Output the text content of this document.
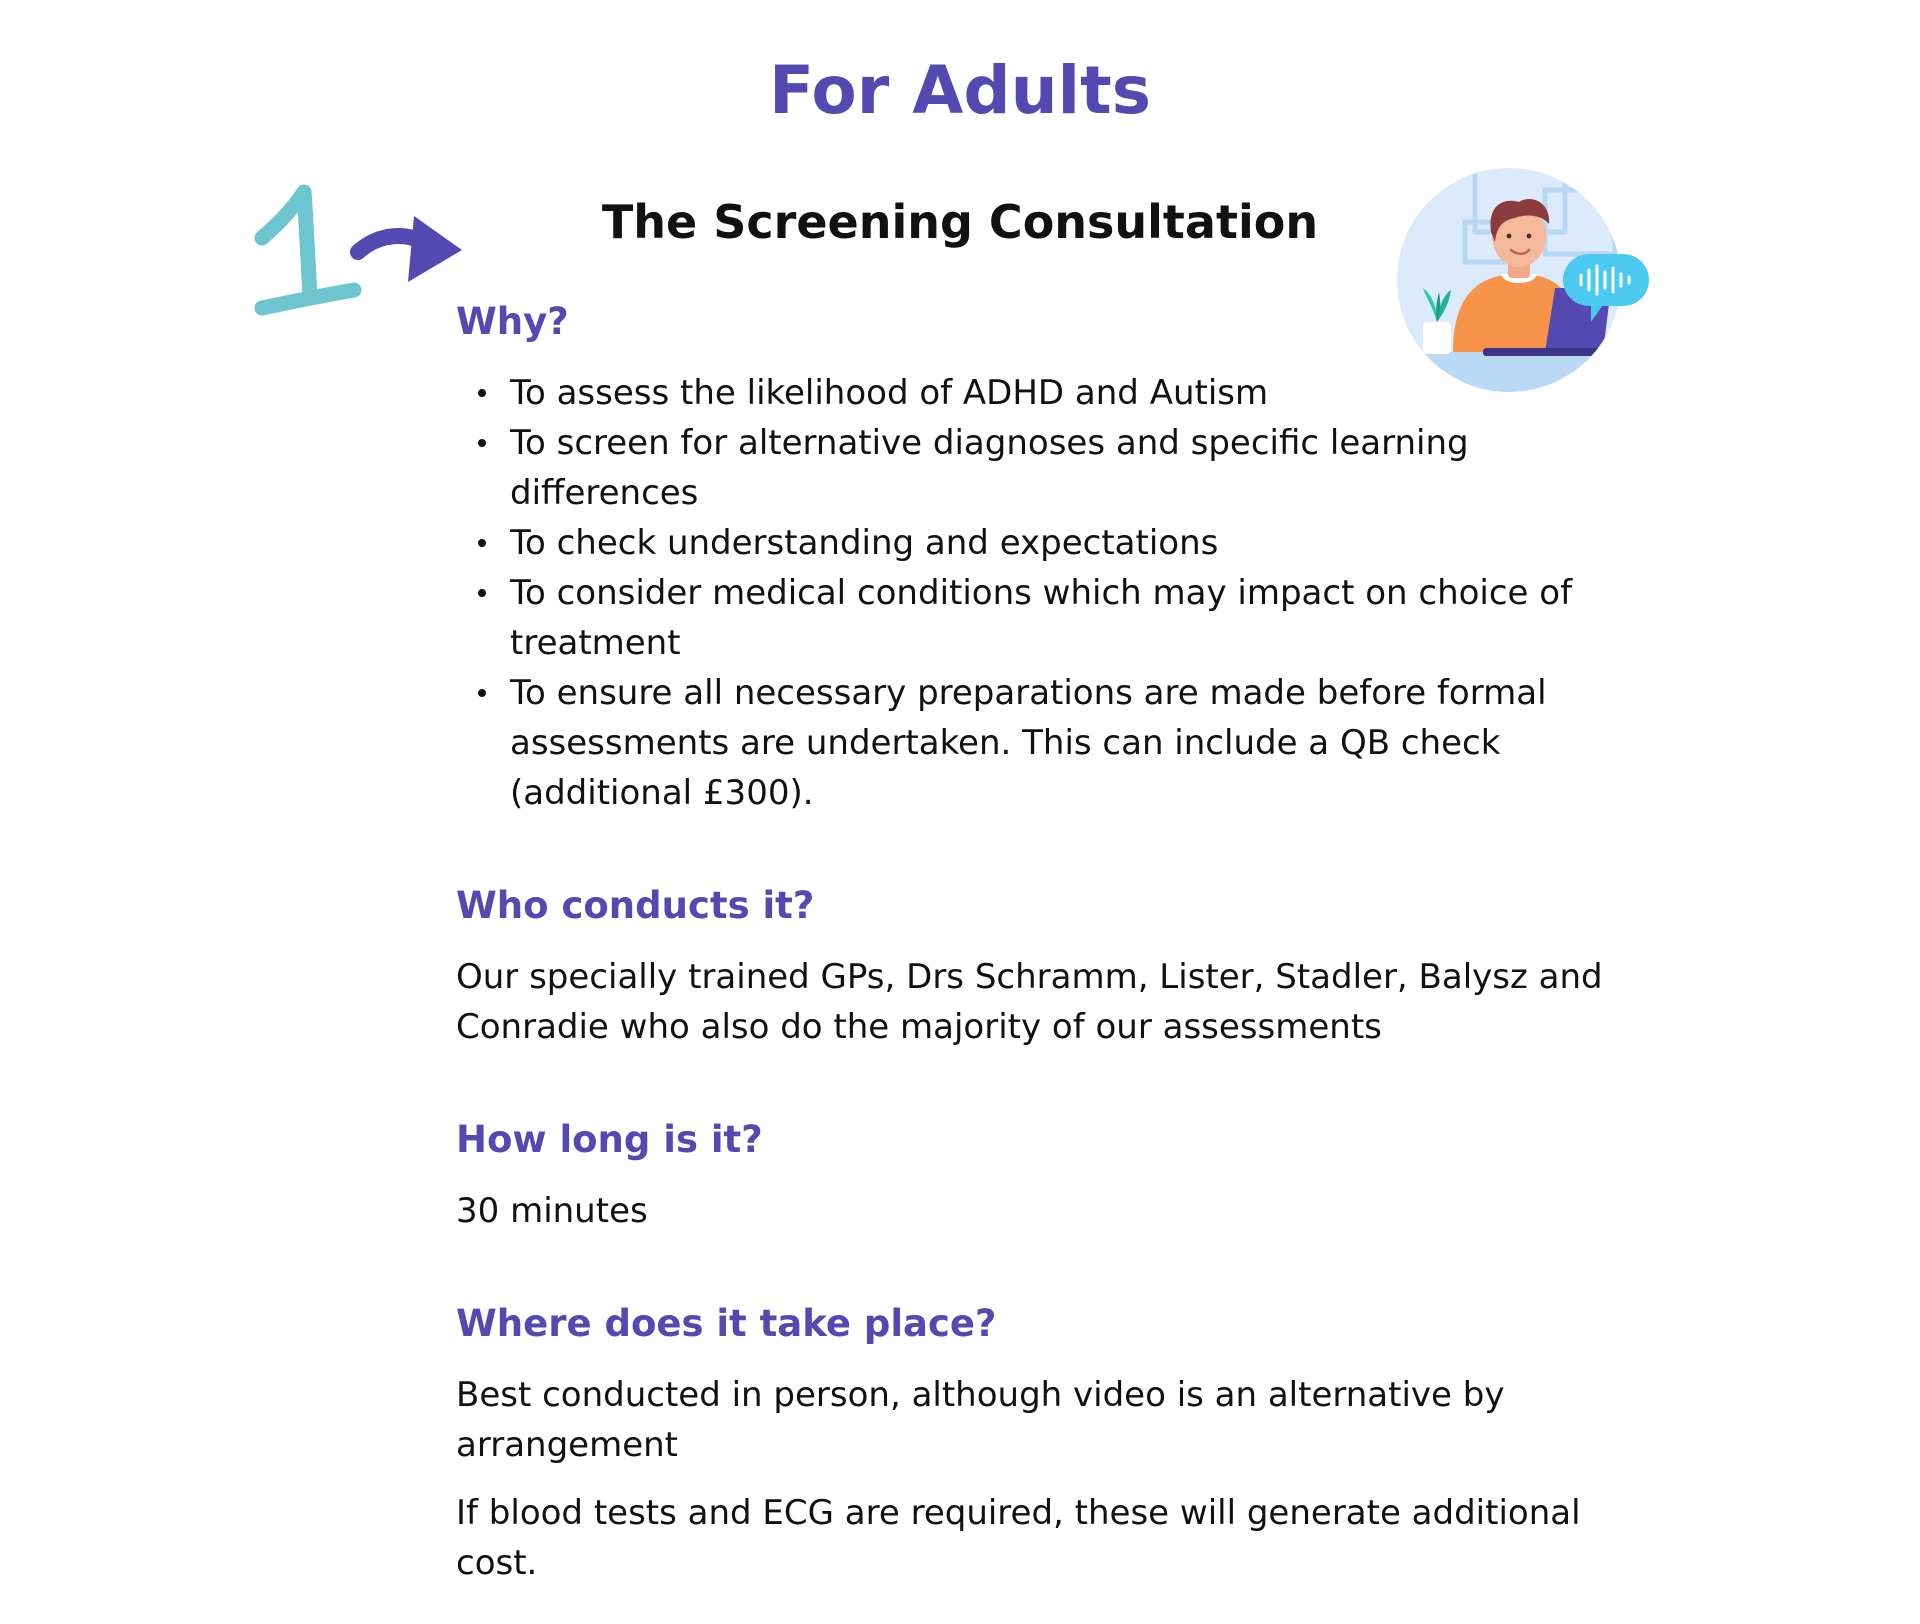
For Adults
The Screening Consultation
Why?
To assess the likelihood of ADHD and Autism
To screen for alternative diagnoses and specific learning differences
To check understanding and expectations
To consider medical conditions which may impact on choice of treatment
To ensure all necessary preparations are made before formal assessments are undertaken. This can include a QB check (additional £300).
Who conducts it?

Our specially trained GPs, Drs Schramm, Lister, Stadler, Balysz and Conradie who also do the majority of our assessments

How long is it?

30 minutes

Where does it take place?

Best conducted in person, although video is an alternative by arrangement

If blood tests and ECG are required, these will generate additional cost.
